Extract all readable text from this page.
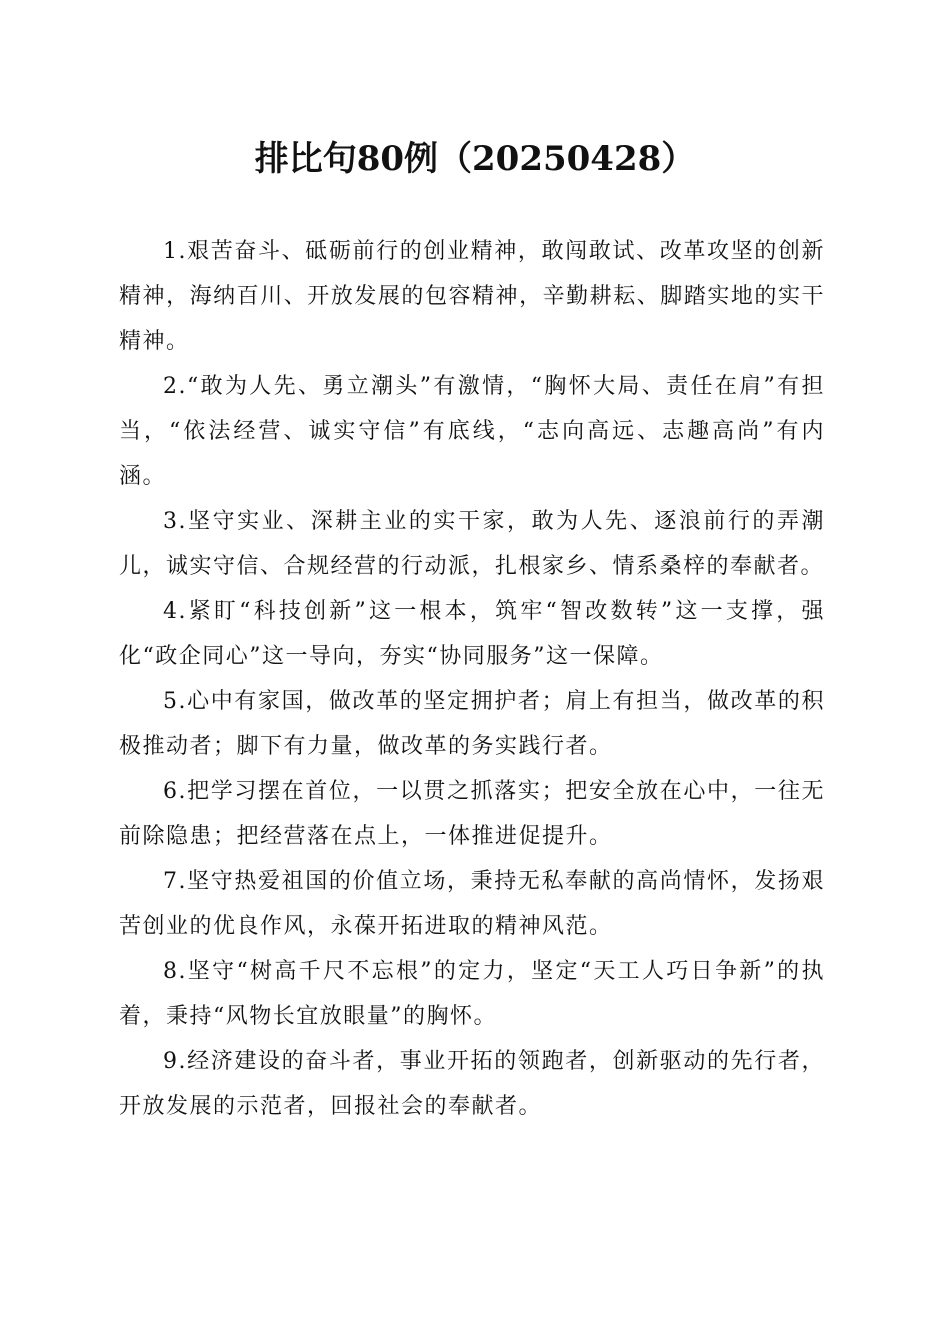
排比句80例（20250428）

1.艰苦奋斗、砥砺前行的创业精神，敢闯敢试、改革攻坚的创新精神，海纳百川、开放发展的包容精神，辛勤耕耘、脚踏实地的实干精神。

2.“敢为人先、勇立潮头”有激情，“胸怀大局、责任在肩”有担当，“依法经营、诚实守信”有底线，“志向高远、志趣高尚”有内涵。

3.坚守实业、深耕主业的实干家，敢为人先、逐浪前行的弄潮儿，诚实守信、合规经营的行动派，扎根家乡、情系桑梓的奉献者。

4.紧盯“科技创新”这一根本，筑牢“智改数转”这一支撑，强化“政企同心”这一导向，夯实“协同服务”这一保障。

5.心中有家国，做改革的坚定拥护者；肩上有担当，做改革的积极推动者；脚下有力量，做改革的务实践行者。

6.把学习摆在首位，一以贯之抓落实；把安全放在心中，一往无前除隐患；把经营落在点上，一体推进促提升。

7.坚守热爱祖国的价值立场，秉持无私奉献的高尚情怀，发扬艰苦创业的优良作风，永葆开拓进取的精神风范。

8.坚守“树高千尺不忘根”的定力，坚定“天工人巧日争新”的执着，秉持“风物长宜放眼量”的胸怀。

9.经济建设的奋斗者，事业开拓的领跑者，创新驱动的先行者，开放发展的示范者，回报社会的奉献者。
